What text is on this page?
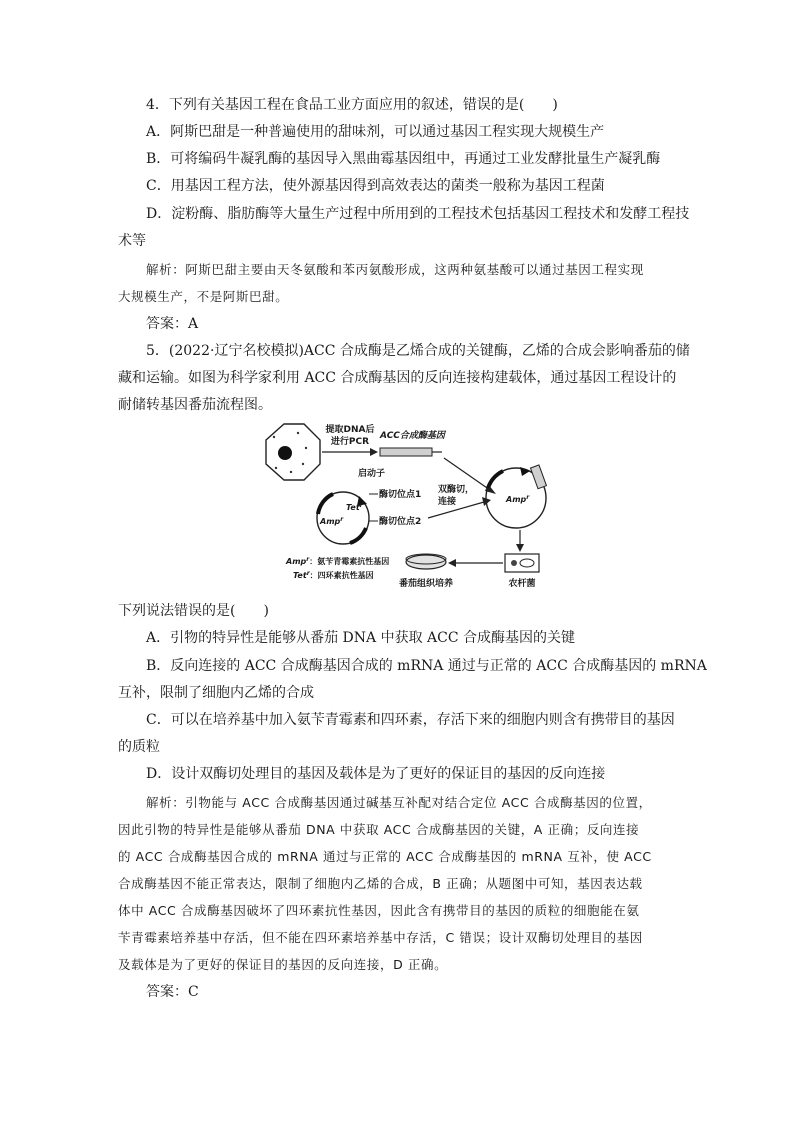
4．下列有关基因工程在食品工业方面应用的叙述，错误的是(　　)
A．阿斯巴甜是一种普遍使用的甜味剂，可以通过基因工程实现大规模生产
B．可将编码牛凝乳酶的基因导入黑曲霉基因组中，再通过工业发酵批量生产凝乳酶
C．用基因工程方法，使外源基因得到高效表达的菌类一般称为基因工程菌
D．淀粉酶、脂肪酶等大量生产过程中所用到的工程技术包括基因工程技术和发酵工程技
术等
解析：阿斯巴甜主要由天冬氨酸和苯丙氨酸形成，这两种氨基酸可以通过基因工程实现
大规模生产，不是阿斯巴甜。
答案：A
5．(2022·辽宁名校模拟)ACC 合成酶是乙烯合成的关键酶，乙烯的合成会影响番茄的储
藏和运输。如图为科学家利用 ACC 合成酶基因的反向连接构建载体，通过基因工程设计的
耐储转基因番茄流程图。
提取DNA后
进行PCR
ACC合成酶基因
启动子
酶切位点1
酶切位点2
Tet$^r$
Amp$^r$
Amp$^r$
双酶切，
连接
农杆菌
番茄组织培养
Amp$^r$：氨苄青霉素抗性基因
Tet$^r$：四环素抗性基因
下列说法错误的是(　　)
A．引物的特异性是能够从番茄 DNA 中获取 ACC 合成酶基因的关键
B．反向连接的 ACC 合成酶基因合成的 mRNA 通过与正常的 ACC 合成酶基因的 mRNA
互补，限制了细胞内乙烯的合成
C．可以在培养基中加入氨苄青霉素和四环素，存活下来的细胞内则含有携带目的基因
的质粒
D．设计双酶切处理目的基因及载体是为了更好的保证目的基因的反向连接
解析：引物能与 ACC 合成酶基因通过碱基互补配对结合定位 ACC 合成酶基因的位置，
因此引物的特异性是能够从番茄 DNA 中获取 ACC 合成酶基因的关键，A 正确；反向连接
的 ACC 合成酶基因合成的 mRNA 通过与正常的 ACC 合成酶基因的 mRNA 互补，使 ACC
合成酶基因不能正常表达，限制了细胞内乙烯的合成，B 正确；从题图中可知，基因表达载
体中 ACC 合成酶基因破坏了四环素抗性基因，因此含有携带目的基因的质粒的细胞能在氨
苄青霉素培养基中存活，但不能在四环素培养基中存活，C 错误；设计双酶切处理目的基因
及载体是为了更好的保证目的基因的反向连接，D 正确。
答案：C
